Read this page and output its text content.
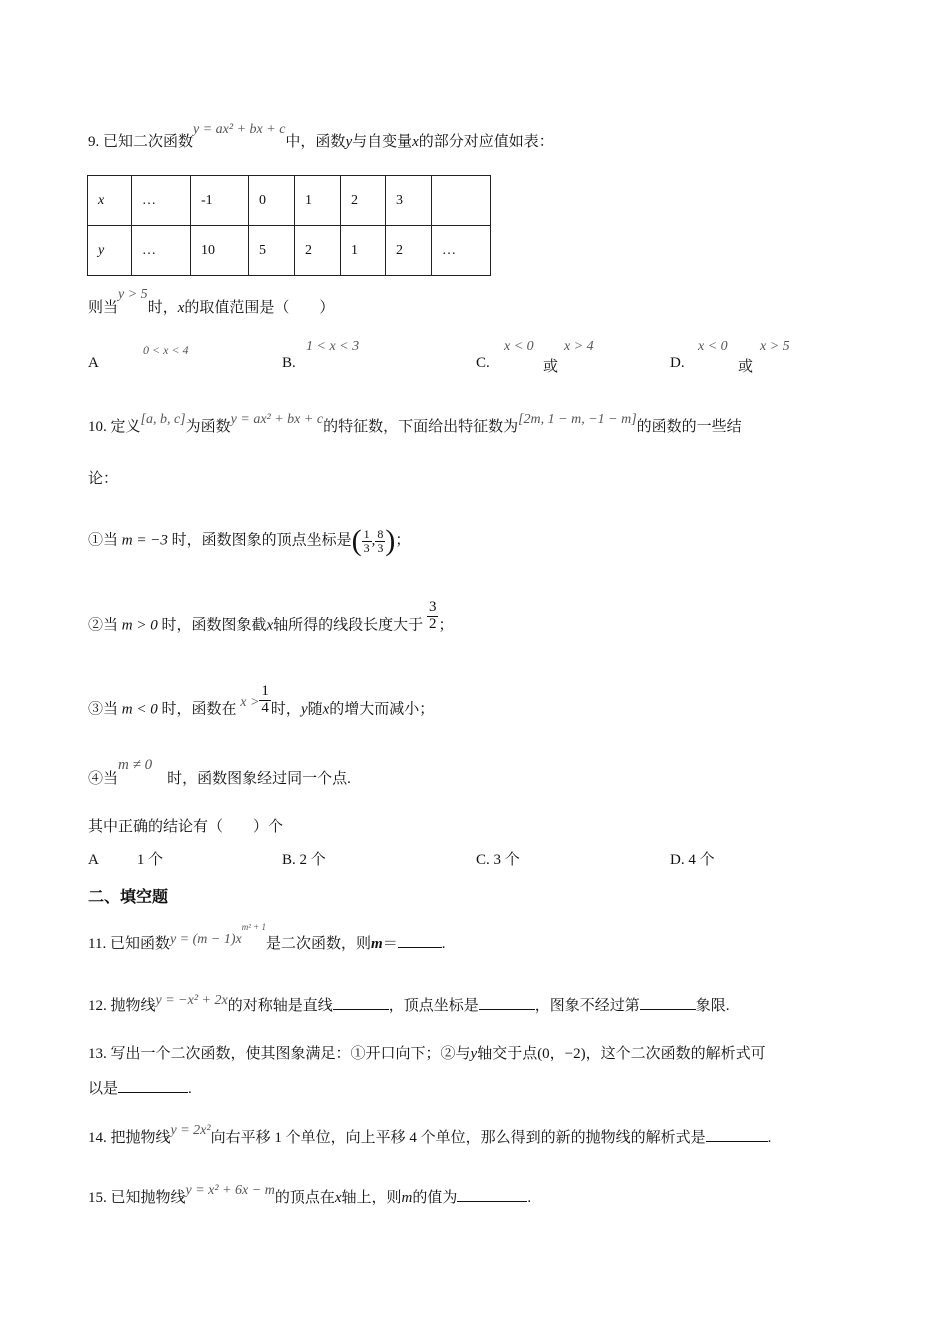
9. 已知二次函数y = ax² + bx + c中，函数y与自变量x的部分对应值如表：
x	…	-1	0	1	2	3	
y	…	10	5	2	1	2	…
则当y > 5时，x的取值范围是（　　）
A
0 < x < 4
B.
1 < x < 3
C.
x < 0
或
x > 4
D.
x < 0
或
x > 5
10. 定义[a, b, c]为函数y = ax² + bx + c的特征数，下面给出特征数为[2m, 1 − m, −1 − m]的函数的一些结
论：
①当 m = −3 时，函数图象的顶点坐标是( $\frac{1}{3}$ , $\frac{8}{3}$ )；
②当 m > 0 时，函数图象截x轴所得的线段长度大于 $\frac{3}{2}$ ；
③当 m < 0 时，函数在 $x > \frac{1}{4}$ 时，y随x的增大而减小；
④当m ≠ 0　时，函数图象经过同一个点.
其中正确的结论有（　　）个
A	1 个	B. 2 个	C. 3 个	D. 4 个
二、填空题
11. 已知函数$y = (m - 1)x^{m^2 + 1}$是二次函数，则m＝	.
12. 抛物线y = −x² + 2x的对称轴是直线	，顶点坐标是	，图象不经过第	象限.
13. 写出一个二次函数，使其图象满足：①开口向下；②与y轴交于点(0，−2)，这个二次函数的解析式可
以是	.
14. 把抛物线y = 2x²向右平移 1 个单位，向上平移 4 个单位，那么得到的新的抛物线的解析式是	.
15. 已知抛物线y = x² + 6x − m的顶点在x轴上，则m的值为	.
